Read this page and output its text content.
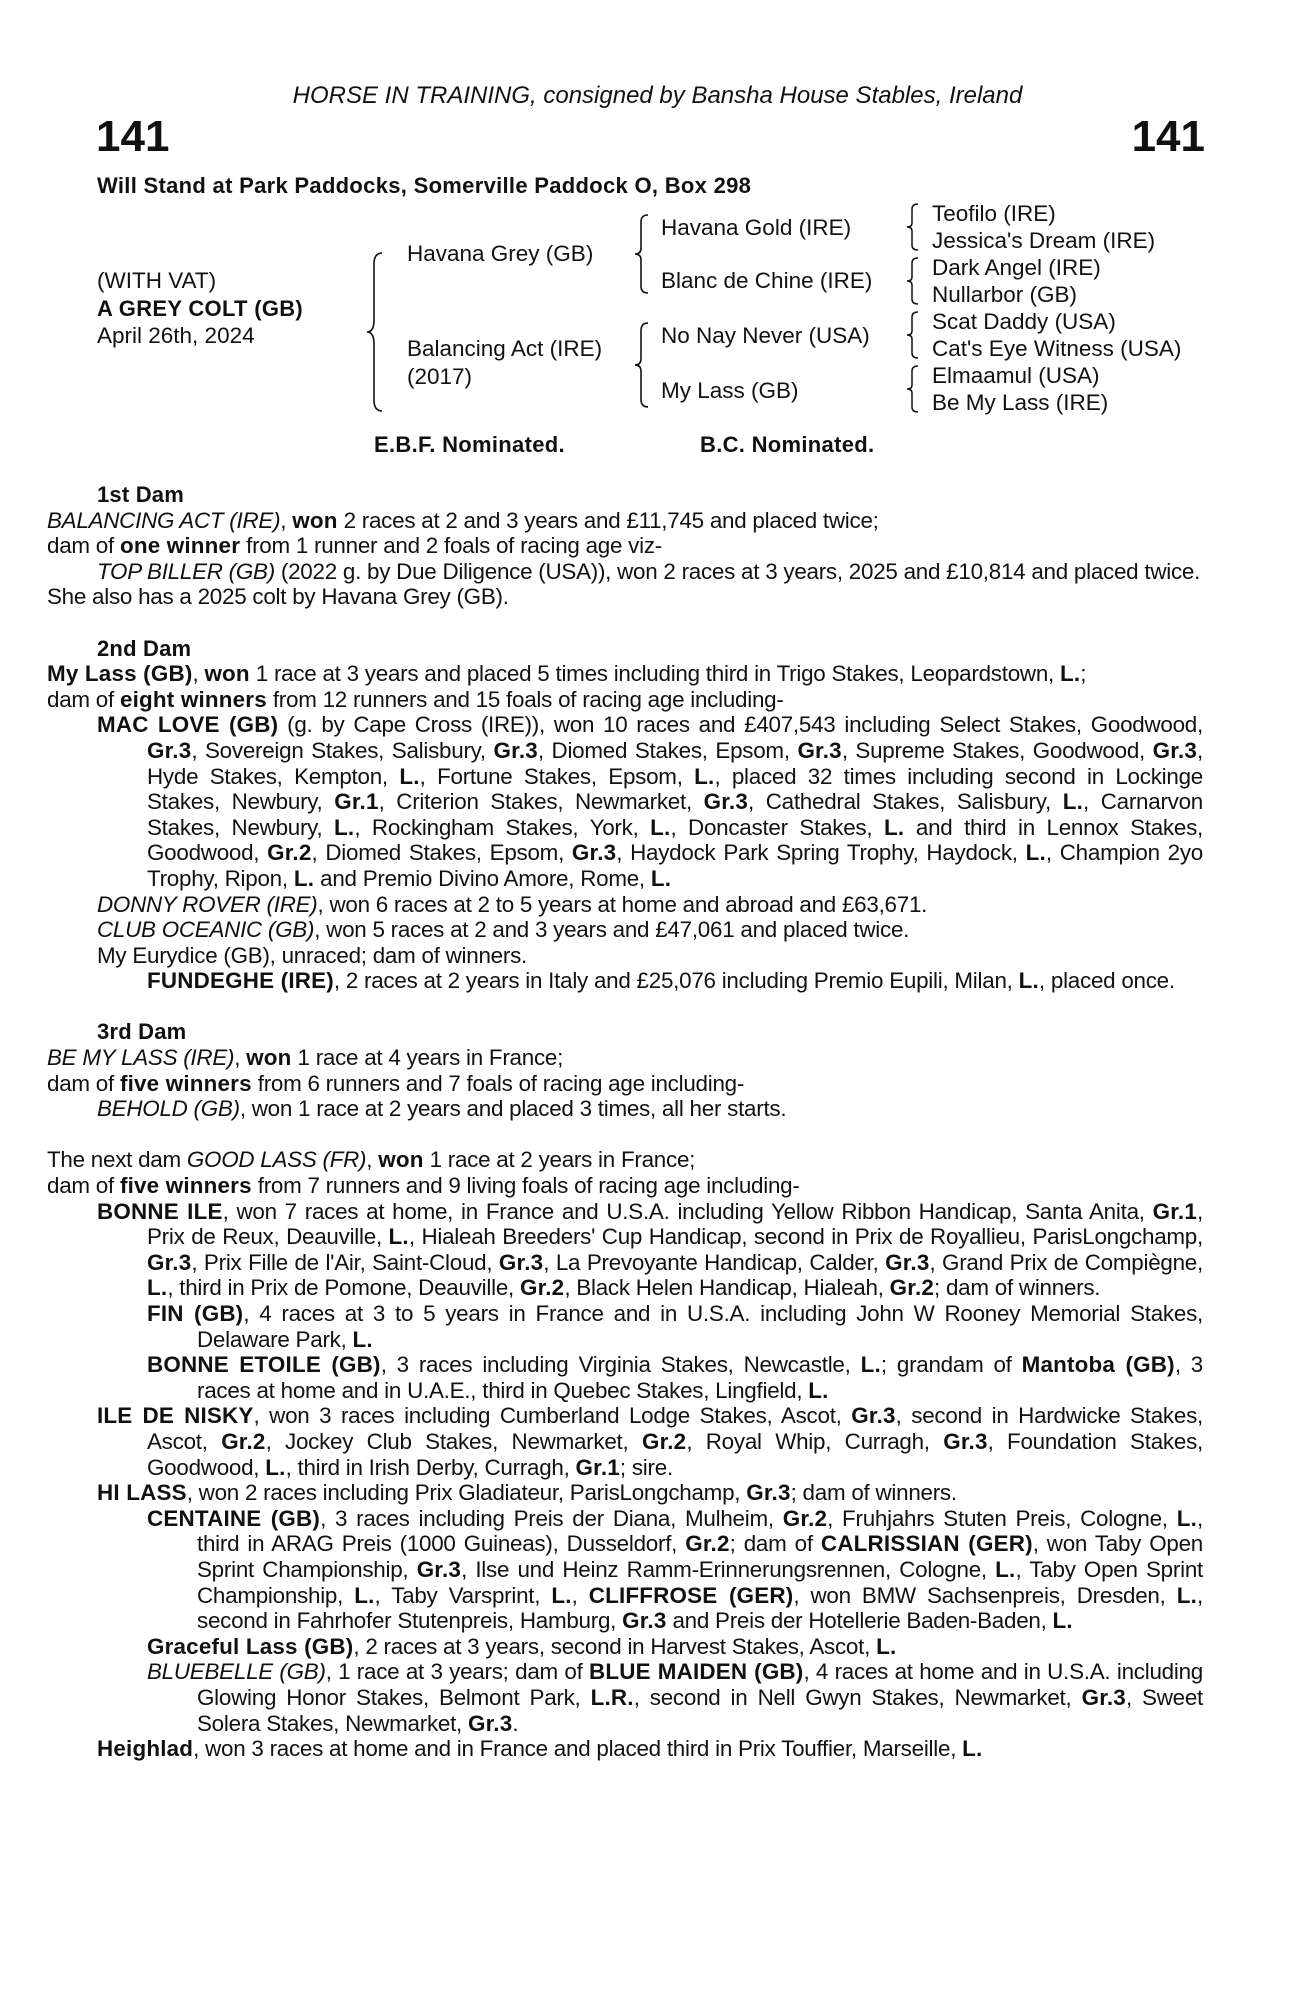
HORSE IN TRAINING, consigned by Bansha House Stables, Ireland
141	141
Will Stand at Park Paddocks, Somerville Paddock O, Box 298
(WITH VAT)
A GREY COLT (GB)
April 26th, 2024
Havana Grey (GB)
Balancing Act (IRE)
(2017)
Havana Gold (IRE)
Blanc de Chine (IRE)
No Nay Never (USA)
My Lass (GB)
Teofilo (IRE)
Jessica's Dream (IRE)
Dark Angel (IRE)
Nullarbor (GB)
Scat Daddy (USA)
Cat's Eye Witness (USA)
Elmaamul (USA)
Be My Lass (IRE)
E.B.F. Nominated.	B.C. Nominated.
1st Dam
BALANCING ACT (IRE), won 2 races at 2 and 3 years and £11,745 and placed twice;
dam of one winner from 1 runner and 2 foals of racing age viz-
TOP BILLER (GB) (2022 g. by Due Diligence (USA)), won 2 races at 3 years, 2025 and £10,814 and placed twice.
She also has a 2025 colt by Havana Grey (GB).
2nd Dam
My Lass (GB), won 1 race at 3 years and placed 5 times including third in Trigo Stakes, Leopardstown, L.;
dam of eight winners from 12 runners and 15 foals of racing age including-
MAC LOVE (GB) (g. by Cape Cross (IRE)), won 10 races and £407,543 including Select Stakes, Goodwood, Gr.3, Sovereign Stakes, Salisbury, Gr.3, Diomed Stakes, Epsom, Gr.3, Supreme Stakes, Goodwood, Gr.3, Hyde Stakes, Kempton, L., Fortune Stakes, Epsom, L., placed 32 times including second in Lockinge Stakes, Newbury, Gr.1, Criterion Stakes, Newmarket, Gr.3, Cathedral Stakes, Salisbury, L., Carnarvon Stakes, Newbury, L., Rockingham Stakes, York, L., Doncaster Stakes, L. and third in Lennox Stakes, Goodwood, Gr.2, Diomed Stakes, Epsom, Gr.3, Haydock Park Spring Trophy, Haydock, L., Champion 2yo Trophy, Ripon, L. and Premio Divino Amore, Rome, L.
DONNY ROVER (IRE), won 6 races at 2 to 5 years at home and abroad and £63,671.
CLUB OCEANIC (GB), won 5 races at 2 and 3 years and £47,061 and placed twice.
My Eurydice (GB), unraced; dam of winners.
FUNDEGHE (IRE), 2 races at 2 years in Italy and £25,076 including Premio Eupili, Milan, L., placed once.
3rd Dam
BE MY LASS (IRE), won 1 race at 4 years in France;
dam of five winners from 6 runners and 7 foals of racing age including-
BEHOLD (GB), won 1 race at 2 years and placed 3 times, all her starts.
The next dam GOOD LASS (FR), won 1 race at 2 years in France;
dam of five winners from 7 runners and 9 living foals of racing age including-
BONNE ILE, won 7 races at home, in France and U.S.A. including Yellow Ribbon Handicap, Santa Anita, Gr.1, Prix de Reux, Deauville, L., Hialeah Breeders' Cup Handicap, second in Prix de Royallieu, ParisLongchamp, Gr.3, Prix Fille de l'Air, Saint-Cloud, Gr.3, La Prevoyante Handicap, Calder, Gr.3, Grand Prix de Compiègne, L., third in Prix de Pomone, Deauville, Gr.2, Black Helen Handicap, Hialeah, Gr.2; dam of winners.
FIN (GB), 4 races at 3 to 5 years in France and in U.S.A. including John W Rooney Memorial Stakes, Delaware Park, L.
BONNE ETOILE (GB), 3 races including Virginia Stakes, Newcastle, L.; grandam of Mantoba (GB), 3 races at home and in U.A.E., third in Quebec Stakes, Lingfield, L.
ILE DE NISKY, won 3 races including Cumberland Lodge Stakes, Ascot, Gr.3, second in Hardwicke Stakes, Ascot, Gr.2, Jockey Club Stakes, Newmarket, Gr.2, Royal Whip, Curragh, Gr.3, Foundation Stakes, Goodwood, L., third in Irish Derby, Curragh, Gr.1; sire.
HI LASS, won 2 races including Prix Gladiateur, ParisLongchamp, Gr.3; dam of winners.
CENTAINE (GB), 3 races including Preis der Diana, Mulheim, Gr.2, Fruhjahrs Stuten Preis, Cologne, L., third in ARAG Preis (1000 Guineas), Dusseldorf, Gr.2; dam of CALRISSIAN (GER), won Taby Open Sprint Championship, Gr.3, Ilse und Heinz Ramm-Erinnerungsrennen, Cologne, L., Taby Open Sprint Championship, L., Taby Varsprint, L., CLIFFROSE (GER), won BMW Sachsenpreis, Dresden, L., second in Fahrhofer Stutenpreis, Hamburg, Gr.3 and Preis der Hotellerie Baden-Baden, L.
Graceful Lass (GB), 2 races at 3 years, second in Harvest Stakes, Ascot, L.
BLUEBELLE (GB), 1 race at 3 years; dam of BLUE MAIDEN (GB), 4 races at home and in U.S.A. including Glowing Honor Stakes, Belmont Park, L.R., second in Nell Gwyn Stakes, Newmarket, Gr.3, Sweet Solera Stakes, Newmarket, Gr.3.
Heighlad, won 3 races at home and in France and placed third in Prix Touffier, Marseille, L.
